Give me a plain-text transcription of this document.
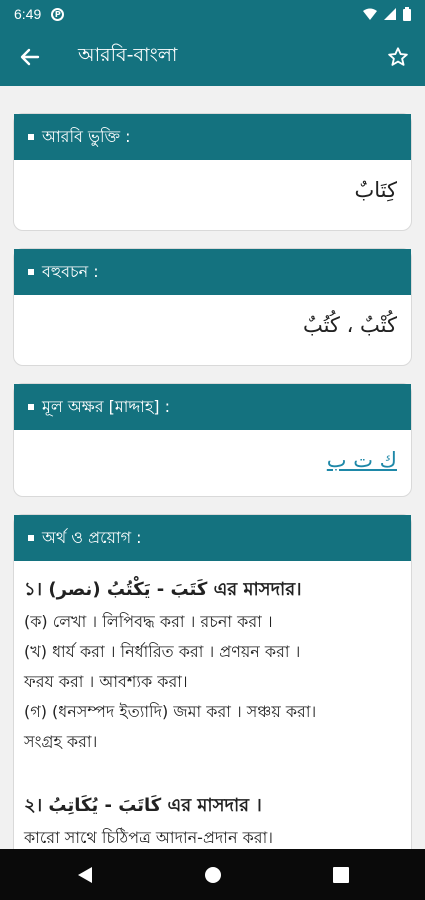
6:49	P
আরবি-বাংলা
আরবি ভুক্তি :
كِتَابٌ
বহুবচন :
كُتْبٌ ، كُتُبٌ
মূল অক্ষর [মাদ্দাহ] :
ك ت ب
অর্থ ও প্রয়োগ :
১। (نصر) كَتَبَ - يَكْتُبُ এর মাসদার।
(ক) লেখা । লিপিবদ্ধ করা । রচনা করা ।
(খ) ধার্য করা । নির্ধারিত করা । প্রণয়ন করা ।
ফরয করা । আবশ্যক করা।
(গ) (ধনসম্পদ ইত্যাদি) জমা করা । সঞ্চয় করা।
সংগ্রহ করা।
২। كَاتَبَ - يُكَاتِبُ এর মাসদার ।
কারো সাথে চিঠিপত্র আদান-প্রদান করা।
